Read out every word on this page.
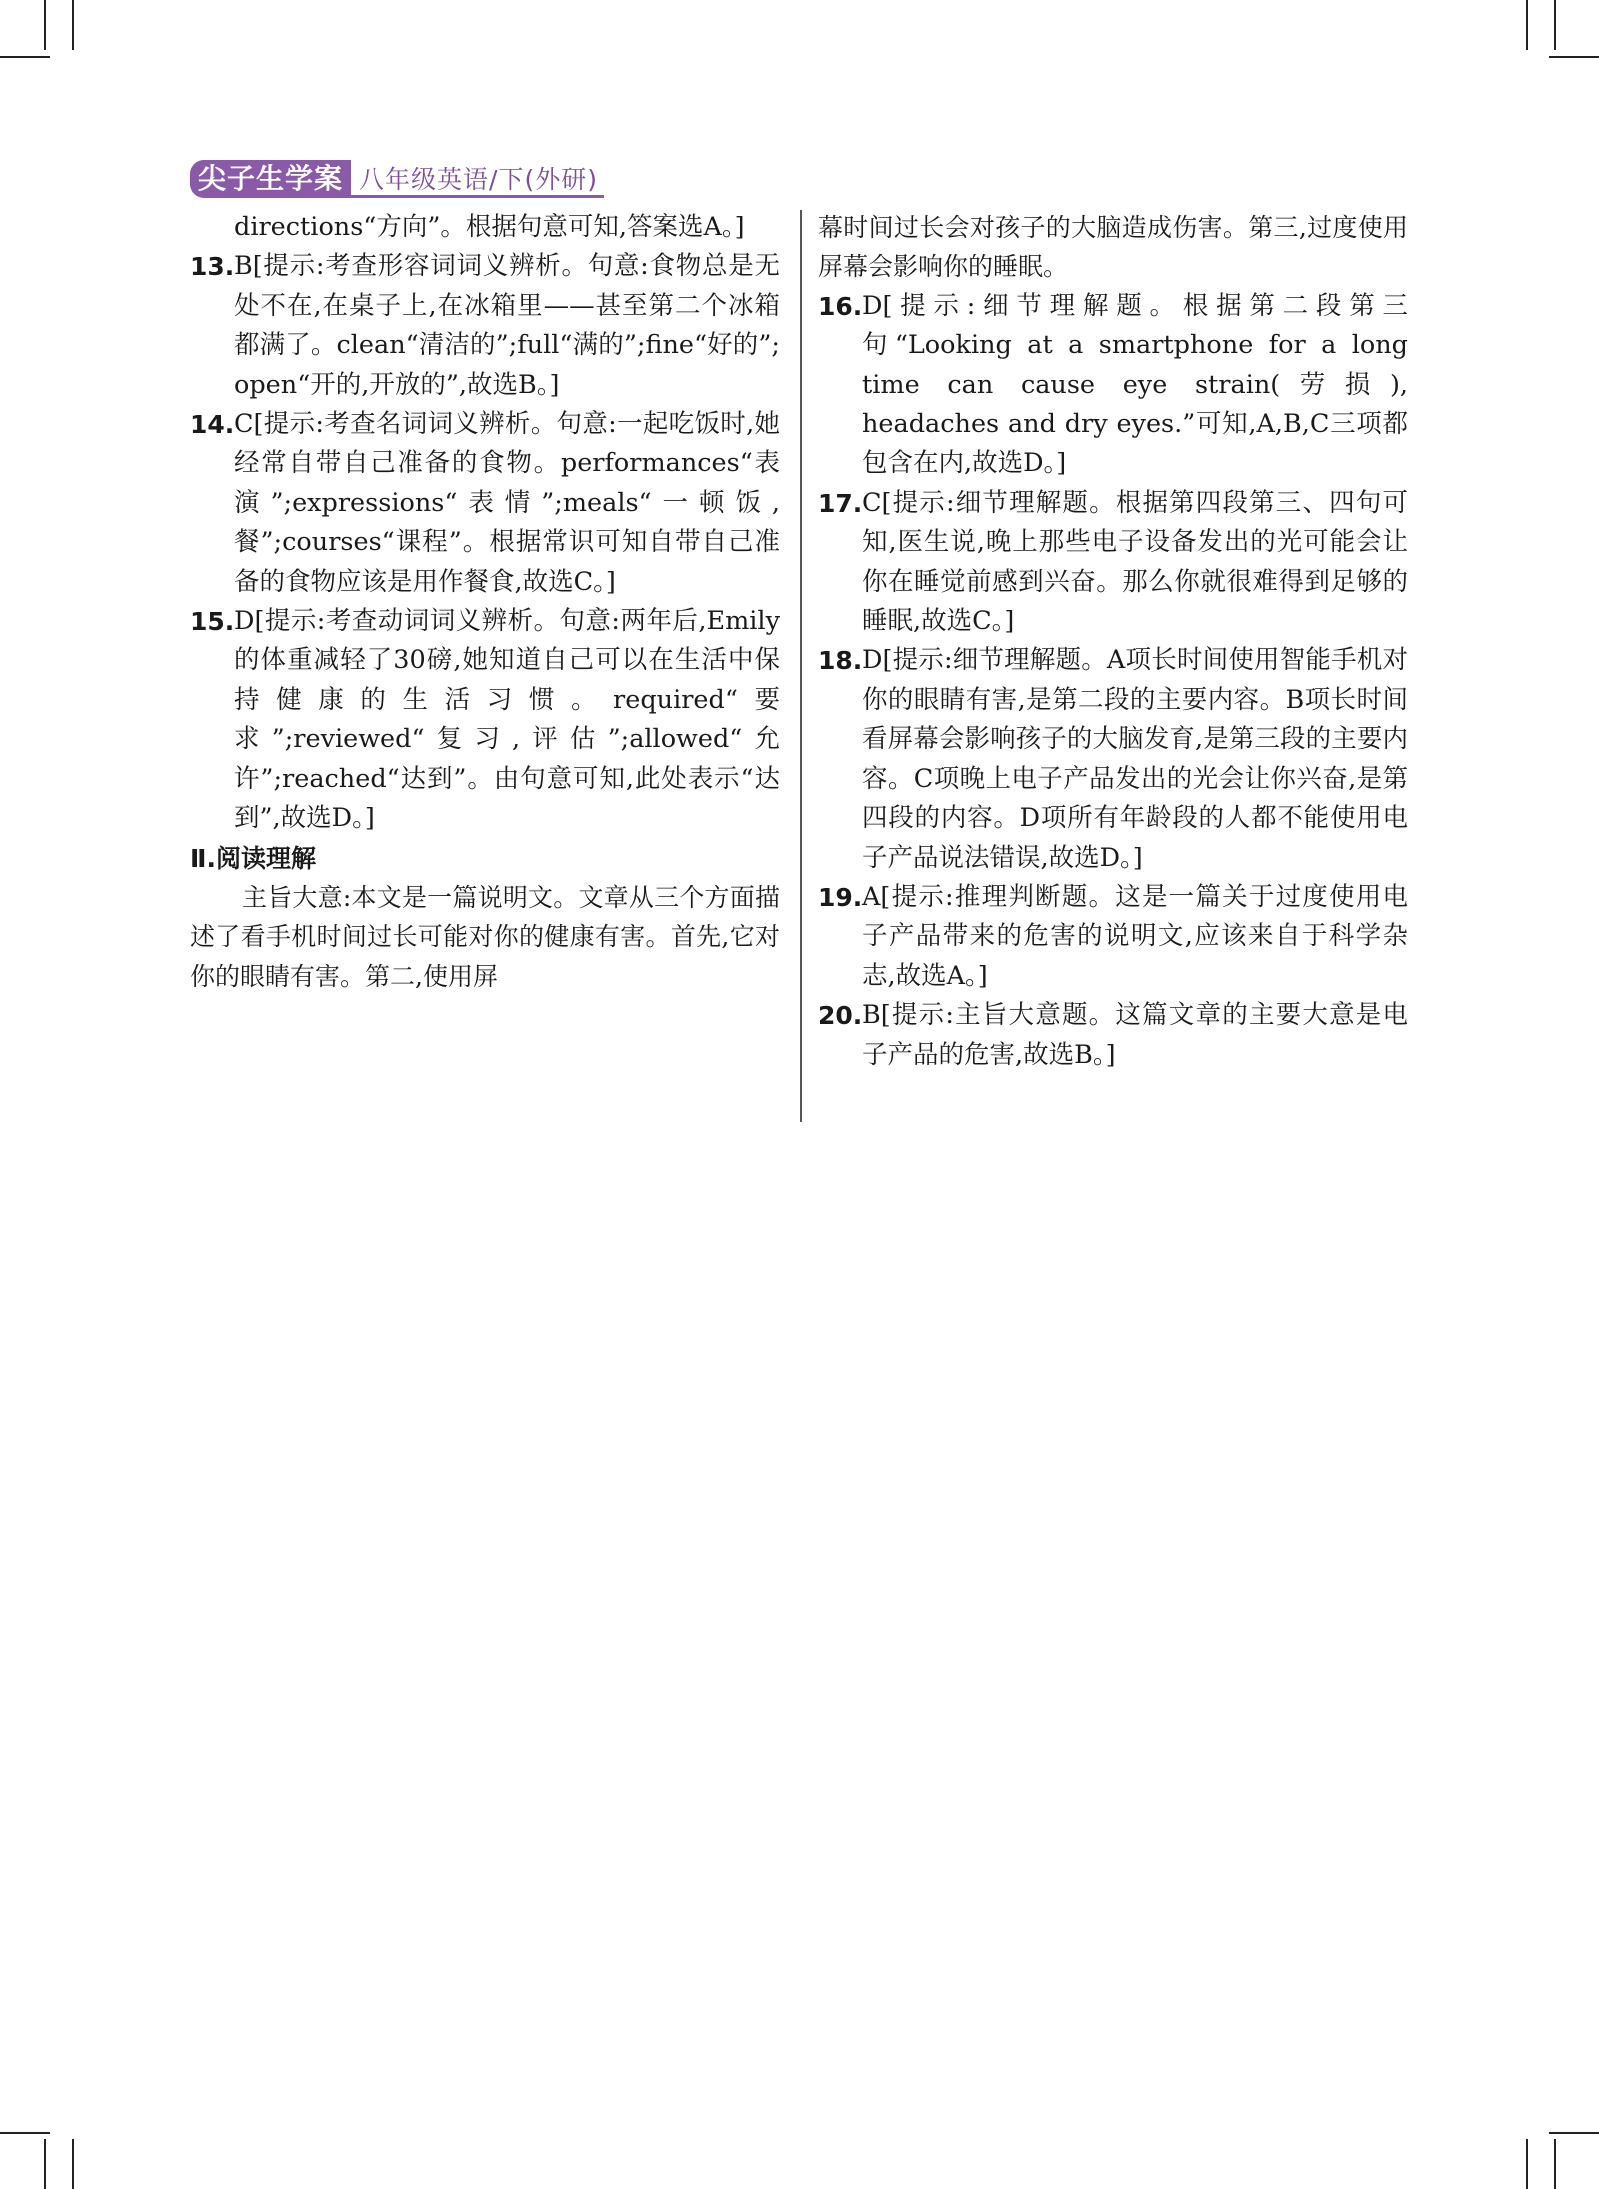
尖子生学案 八年级英语/下(外研)
directions“方向”。根据句意可知,答案选A。]
13. B[提示:考查形容词词义辨析。句意:食物总是无处不在,在桌子上,在冰箱里——甚至第二个冰箱都满了。clean“清洁的”;full“满的”;fine“好的”; open“开的,开放的”,故选B。]
14. C[提示:考查名词词义辨析。句意:一起吃饭时,她经常自带自己准备的食物。performances“表演”;expressions“表情”;meals“一顿饭,餐”;courses“课程”。根据常识可知自带自己准备的食物应该是用作餐食,故选C。]
15. D[提示:考查动词词义辨析。句意:两年后,Emily的体重减轻了30磅,她知道自己可以在生活中保持健康的生活习惯。required“要求”;reviewed“复习,评估”;allowed“允许”;reached“达到”。由句意可知,此处表示“达到”,故选D。]
Ⅱ.阅读理解
主旨大意:本文是一篇说明文。文章从三个方面描述了看手机时间过长可能对你的健康有害。首先,它对你的眼睛有害。第二,使用屏
幕时间过长会对孩子的大脑造成伤害。第三,过度使用屏幕会影响你的睡眠。
16. D[提示:细节理解题。根据第二段第三句“Looking at a smartphone for a long time can cause eye strain(劳损), headaches and dry eyes.”可知,A,B,C三项都包含在内,故选D。]
17. C[提示:细节理解题。根据第四段第三、四句可知,医生说,晚上那些电子设备发出的光可能会让你在睡觉前感到兴奋。那么你就很难得到足够的睡眠,故选C。]
18. D[提示:细节理解题。A项长时间使用智能手机对你的眼睛有害,是第二段的主要内容。B项长时间看屏幕会影响孩子的大脑发育,是第三段的主要内容。C项晚上电子产品发出的光会让你兴奋,是第四段的内容。D项所有年龄段的人都不能使用电子产品说法错误,故选D。]
19. A[提示:推理判断题。这是一篇关于过度使用电子产品带来的危害的说明文,应该来自于科学杂志,故选A。]
20. B[提示:主旨大意题。这篇文章的主要大意是电子产品的危害,故选B。]
